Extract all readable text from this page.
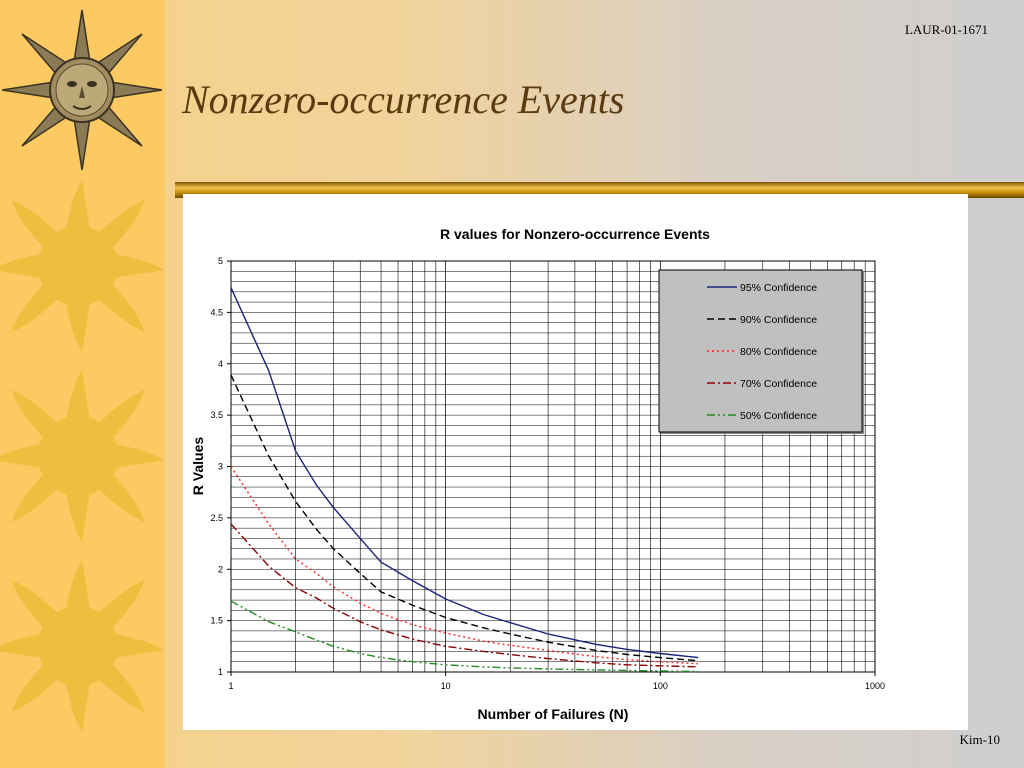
LAUR-01-1671
Nonzero-occurrence Events
R values for Nonzero-occurrence Events
1
1.5
2
2.5
3
3.5
4
4.5
5
1	10	100	1000
R Values
Number of Failures (N)
95% Confidence
90% Confidence
80% Confidence
70% Confidence
50% Confidence
Kim-10
